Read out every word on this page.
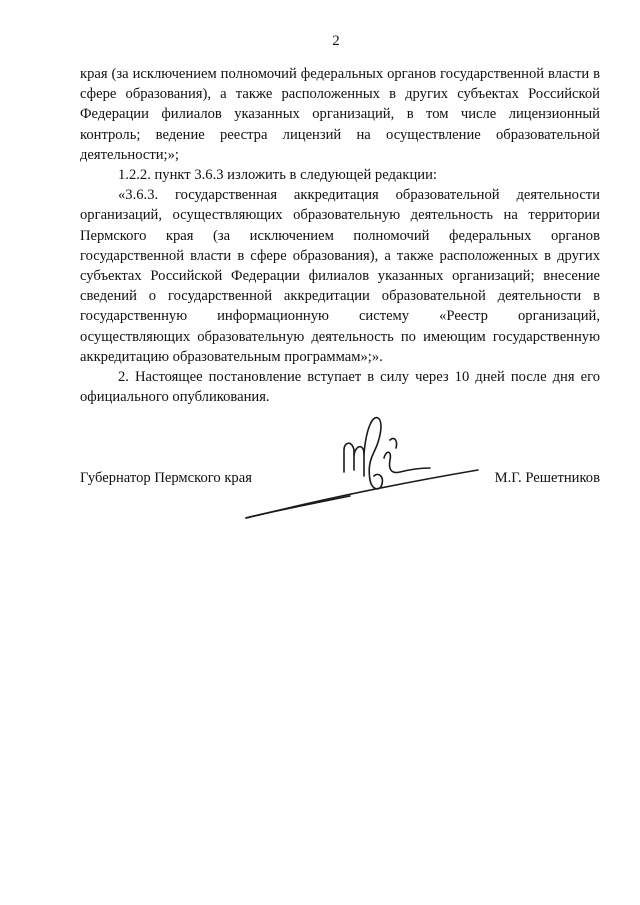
2

края (за исключением полномочий федеральных органов государственной власти в сфере образования), а также расположенных в других субъектах Российской Федерации филиалов указанных организаций, в том числе лицензионный контроль; ведение реестра лицензий на осуществление образовательной деятельности;»;

1.2.2. пункт 3.6.3 изложить в следующей редакции:

«3.6.3. государственная аккредитация образовательной деятельности организаций, осуществляющих образовательную деятельность на территории Пермского края (за исключением полномочий федеральных органов государственной власти в сфере образования), а также расположенных в других субъектах Российской Федерации филиалов указанных организаций; внесение сведений о государственной аккредитации образовательной деятельности в государственную информационную систему «Реестр организаций, осуществляющих образовательную деятельность по имеющим государственную аккредитацию образовательным программам»;».

2. Настоящее постановление вступает в силу через 10 дней после дня его официального опубликования.

Губернатор Пермского края	М.Г. Решетников
